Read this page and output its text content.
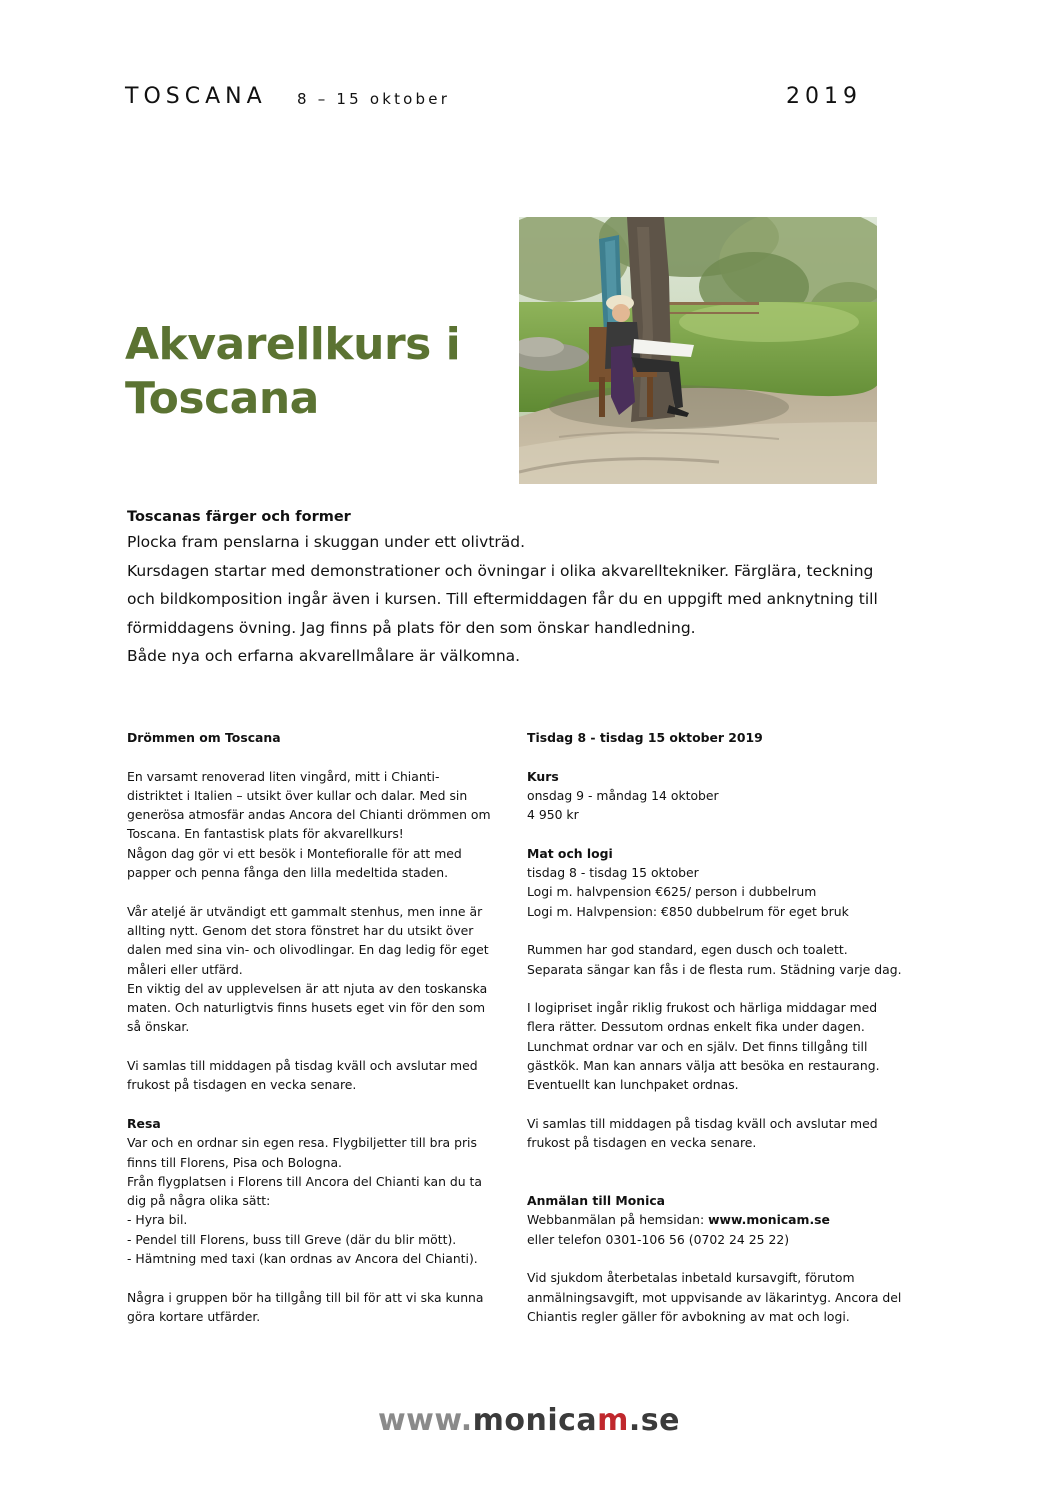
TOSCANA 8 – 15 oktober	2019
Akvarellkurs i
Toscana
Toscanas färger och former
Plocka fram penslarna i skuggan under ett olivträd.
Kursdagen startar med demonstrationer och övningar i olika akvarelltekniker. Färglära, teckning
och bildkomposition ingår även i kursen. Till eftermiddagen får du en uppgift med anknytning till
förmiddagens övning. Jag finns på plats för den som önskar handledning.
Både nya och erfarna akvarellmålare är välkomna.
Drömmen om Toscana
En varsamt renoverad liten vingård, mitt i Chianti-
distriktet i Italien – utsikt över kullar och dalar. Med sin
generösa atmosfär andas Ancora del Chianti drömmen om
Toscana. En fantastisk plats för akvarellkurs!
Någon dag gör vi ett besök i Montefioralle för att med
papper och penna fånga den lilla medeltida staden.
Vår ateljé är utvändigt ett gammalt stenhus, men inne är
allting nytt. Genom det stora fönstret har du utsikt över
dalen med sina vin- och olivodlingar. En dag ledig för eget
måleri eller utfärd.
En viktig del av upplevelsen är att njuta av den toskanska
maten. Och naturligtvis finns husets eget vin för den som
så önskar.
Vi samlas till middagen på tisdag kväll och avslutar med
frukost på tisdagen en vecka senare.
Resa
Var och en ordnar sin egen resa. Flygbiljetter till bra pris
finns till Florens, Pisa och Bologna.
Från flygplatsen i Florens till Ancora del Chianti kan du ta
dig på några olika sätt:
- Hyra bil.
- Pendel till Florens, buss till Greve (där du blir mött).
- Hämtning med taxi (kan ordnas av Ancora del Chianti).
Några i gruppen bör ha tillgång till bil för att vi ska kunna
göra kortare utfärder.
Tisdag 8 - tisdag 15 oktober 2019
Kurs
onsdag 9 - måndag 14 oktober
4 950 kr
Mat och logi
tisdag 8 - tisdag 15 oktober
Logi m. halvpension €625/ person i dubbelrum
Logi m. Halvpension: €850 dubbelrum för eget bruk
Rummen har god standard, egen dusch och toalett.
Separata sängar kan fås i de flesta rum. Städning varje dag.
I logipriset ingår riklig frukost och härliga middagar med
flera rätter. Dessutom ordnas enkelt fika under dagen.
Lunchmat ordnar var och en själv. Det finns tillgång till
gästkök. Man kan annars välja att besöka en restaurang.
Eventuellt kan lunchpaket ordnas.
Vi samlas till middagen på tisdag kväll och avslutar med
frukost på tisdagen en vecka senare.
Anmälan till Monica
Webbanmälan på hemsidan: www.monicam.se
eller telefon 0301-106 56 (0702 24 25 22)
Vid sjukdom återbetalas inbetald kursavgift, förutom
anmälningsavgift, mot uppvisande av läkarintyg. Ancora del
Chiantis regler gäller för avbokning av mat och logi.
www.monicam.se
